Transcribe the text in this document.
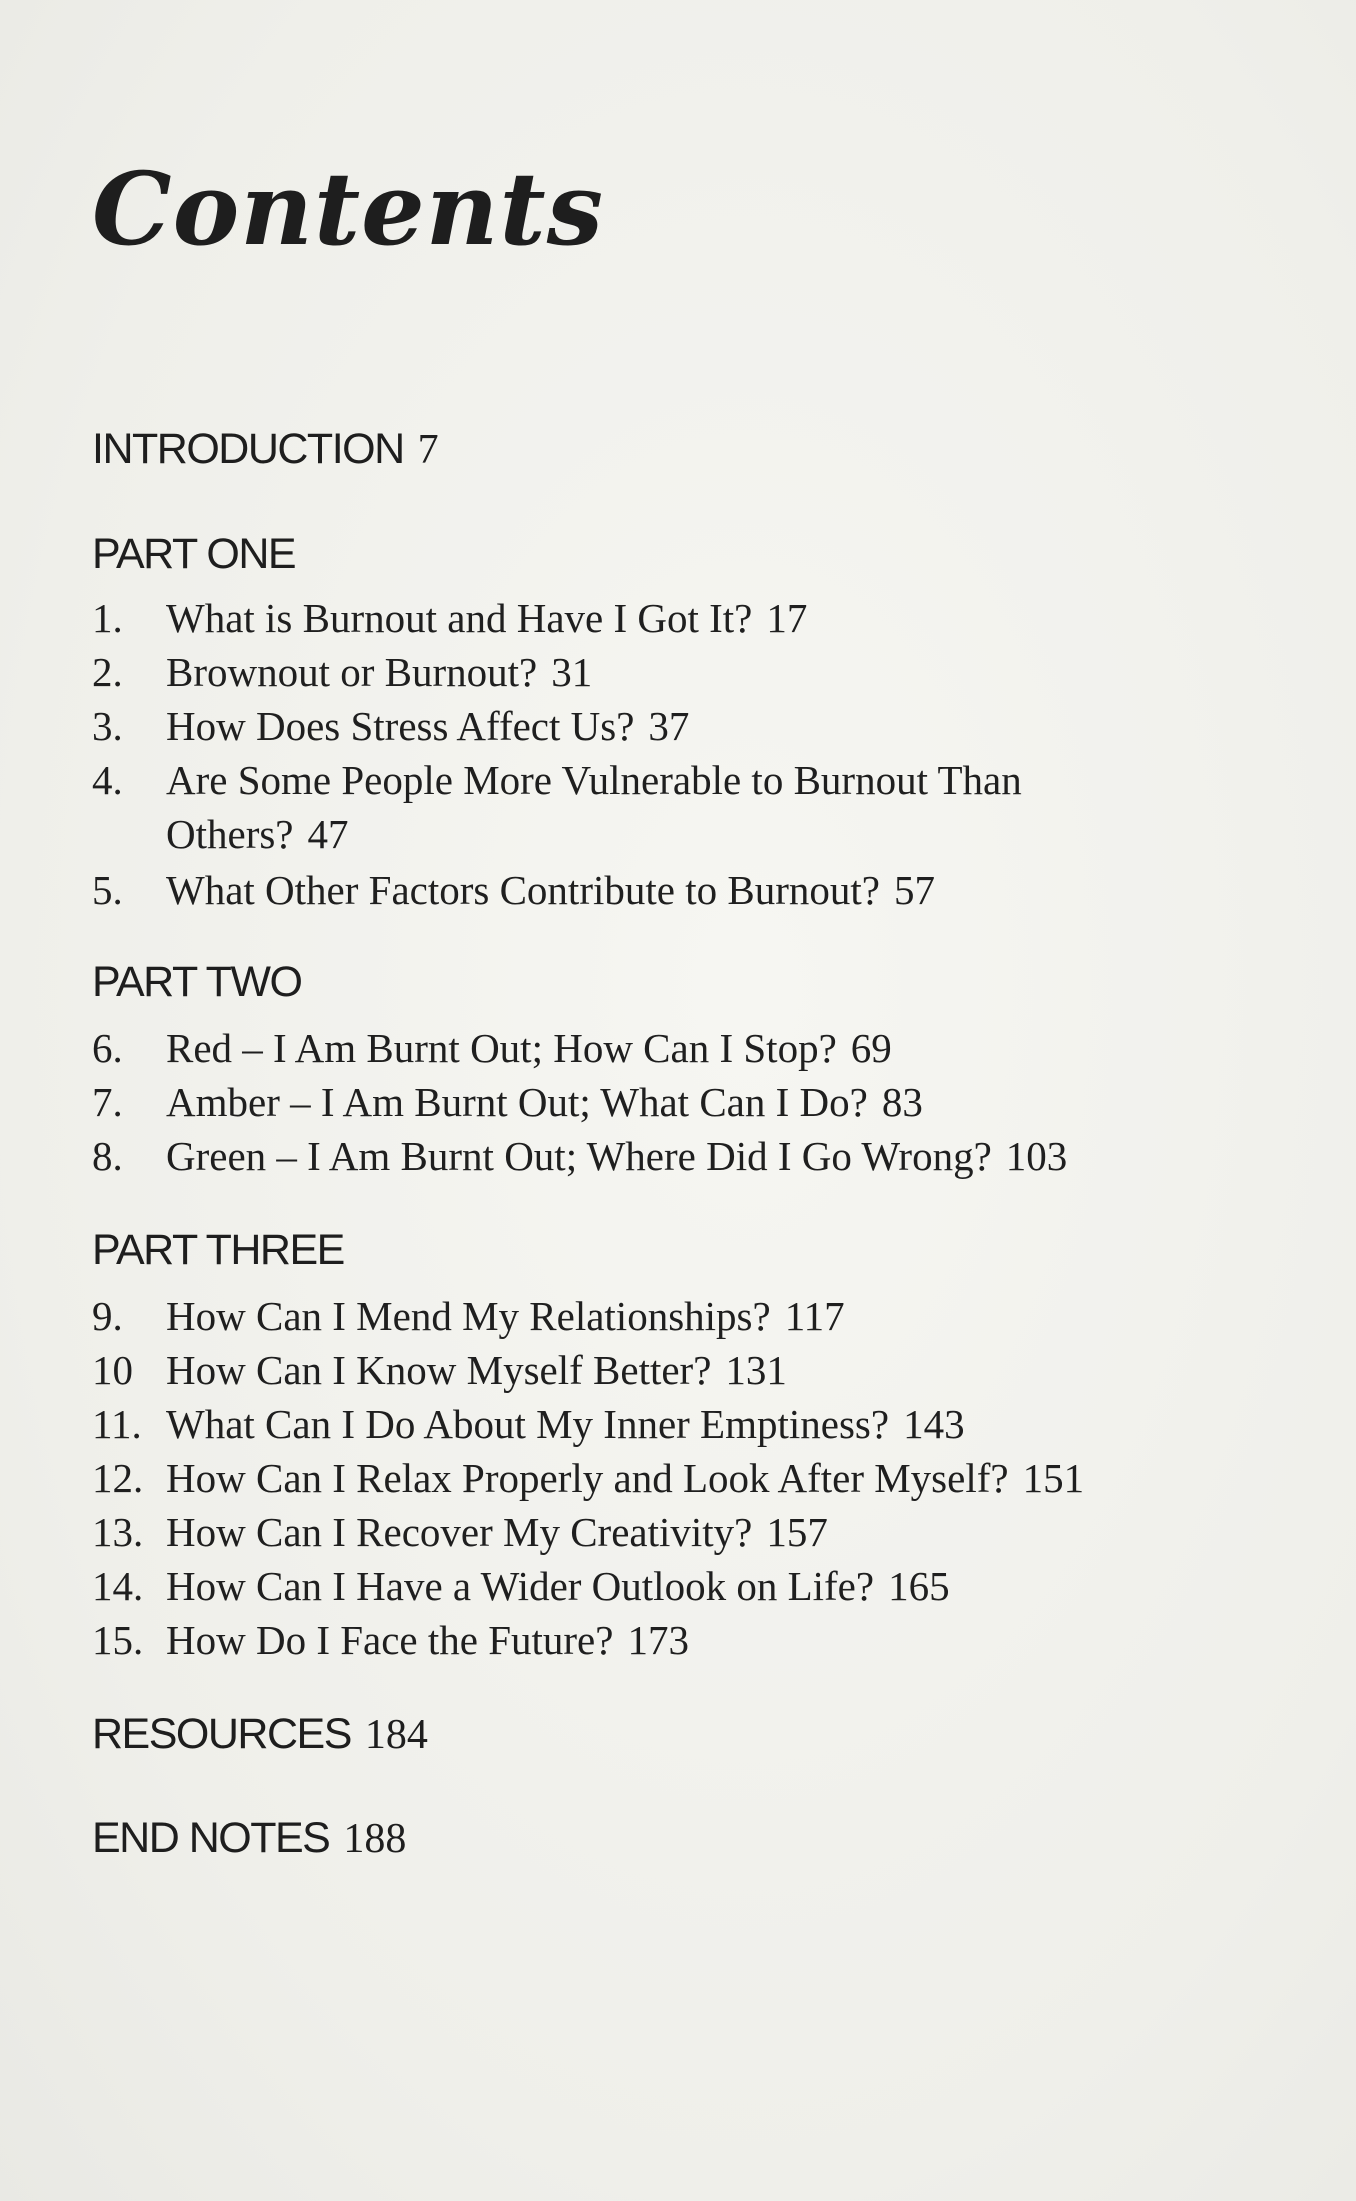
Contents
INTRODUCTION 7
PART ONE
1. What is Burnout and Have I Got It? 17
2. Brownout or Burnout? 31
3. How Does Stress Affect Us? 37
4. Are Some People More Vulnerable to Burnout Than
Others? 47
5. What Other Factors Contribute to Burnout? 57
PART TWO
6. Red – I Am Burnt Out; How Can I Stop? 69
7. Amber – I Am Burnt Out; What Can I Do? 83
8. Green – I Am Burnt Out; Where Did I Go Wrong? 103
PART THREE
9. How Can I Mend My Relationships? 117
10 How Can I Know Myself Better? 131
11. What Can I Do About My Inner Emptiness? 143
12. How Can I Relax Properly and Look After Myself? 151
13. How Can I Recover My Creativity? 157
14. How Can I Have a Wider Outlook on Life? 165
15. How Do I Face the Future? 173
RESOURCES 184
END NOTES 188
